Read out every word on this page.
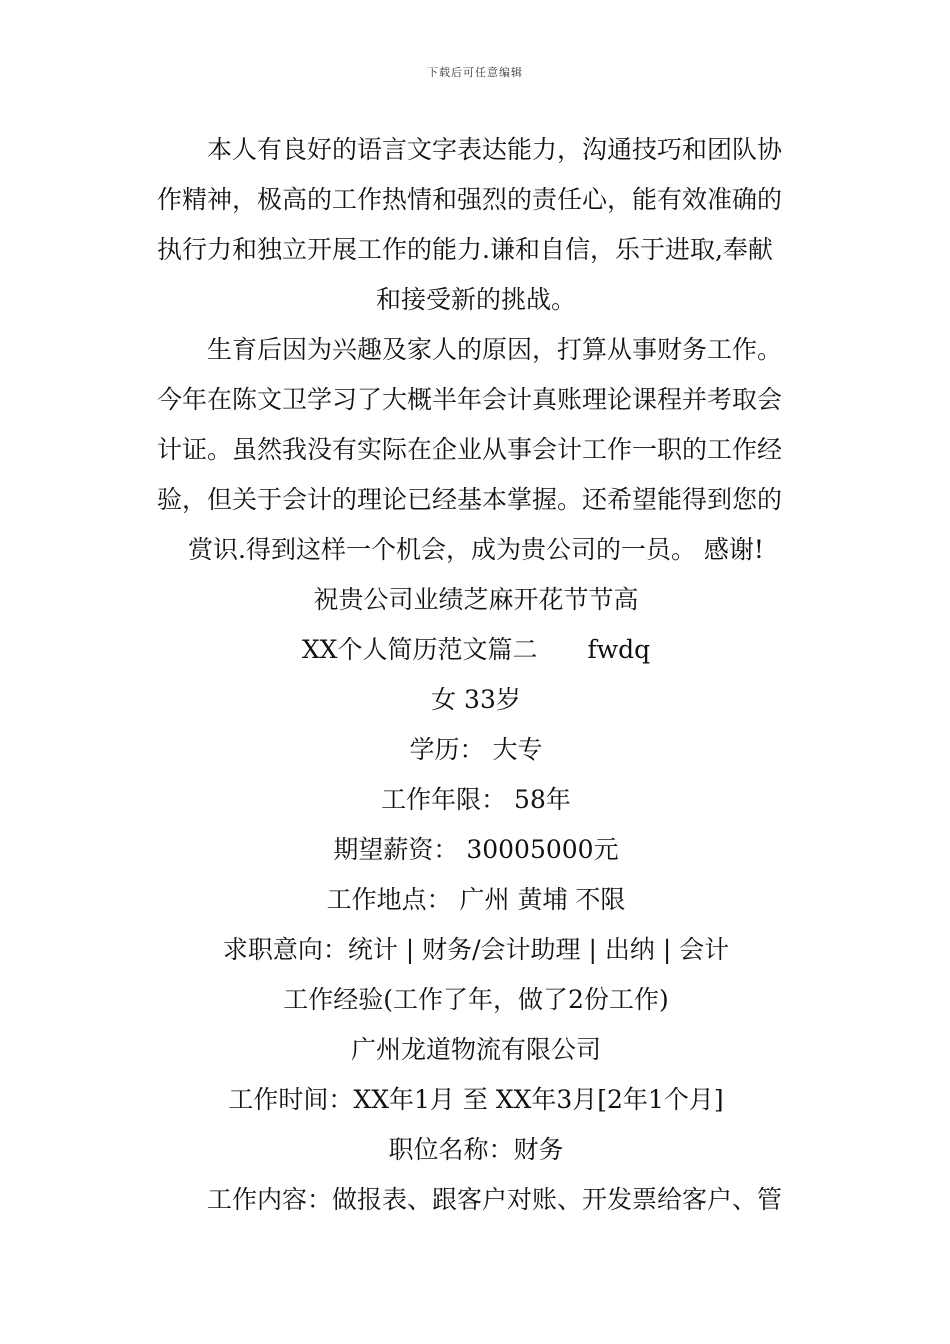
下载后可任意编辑
本人有良好的语言文字表达能力，沟通技巧和团队协
作精神，极高的工作热情和强烈的责任心，能有效准确的
执行力和独立开展工作的能力.谦和自信，乐于进取,奉献
和接受新的挑战。
生育后因为兴趣及家人的原因，打算从事财务工作。
今年在陈文卫学习了大概半年会计真账理论课程并考取会
计证。虽然我没有实际在企业从事会计工作一职的工作经
验，但关于会计的理论已经基本掌握。还希望能得到您的
赏识.得到这样一个机会，成为贵公司的一员。 感谢!
祝贵公司业绩芝麻开花节节高
XX个人简历范文篇二 fwdq
女 33岁
学历： 大专
工作年限： 58年
期望薪资： 30005000元
工作地点： 广州 黄埔 不限
求职意向：统计 | 财务/会计助理 | 出纳 | 会计
工作经验(工作了年，做了2份工作)
广州龙道物流有限公司
工作时间：XX年1月 至 XX年3月[2年1个月]
职位名称：财务
工作内容：做报表、跟客户对账、开发票给客户、管
